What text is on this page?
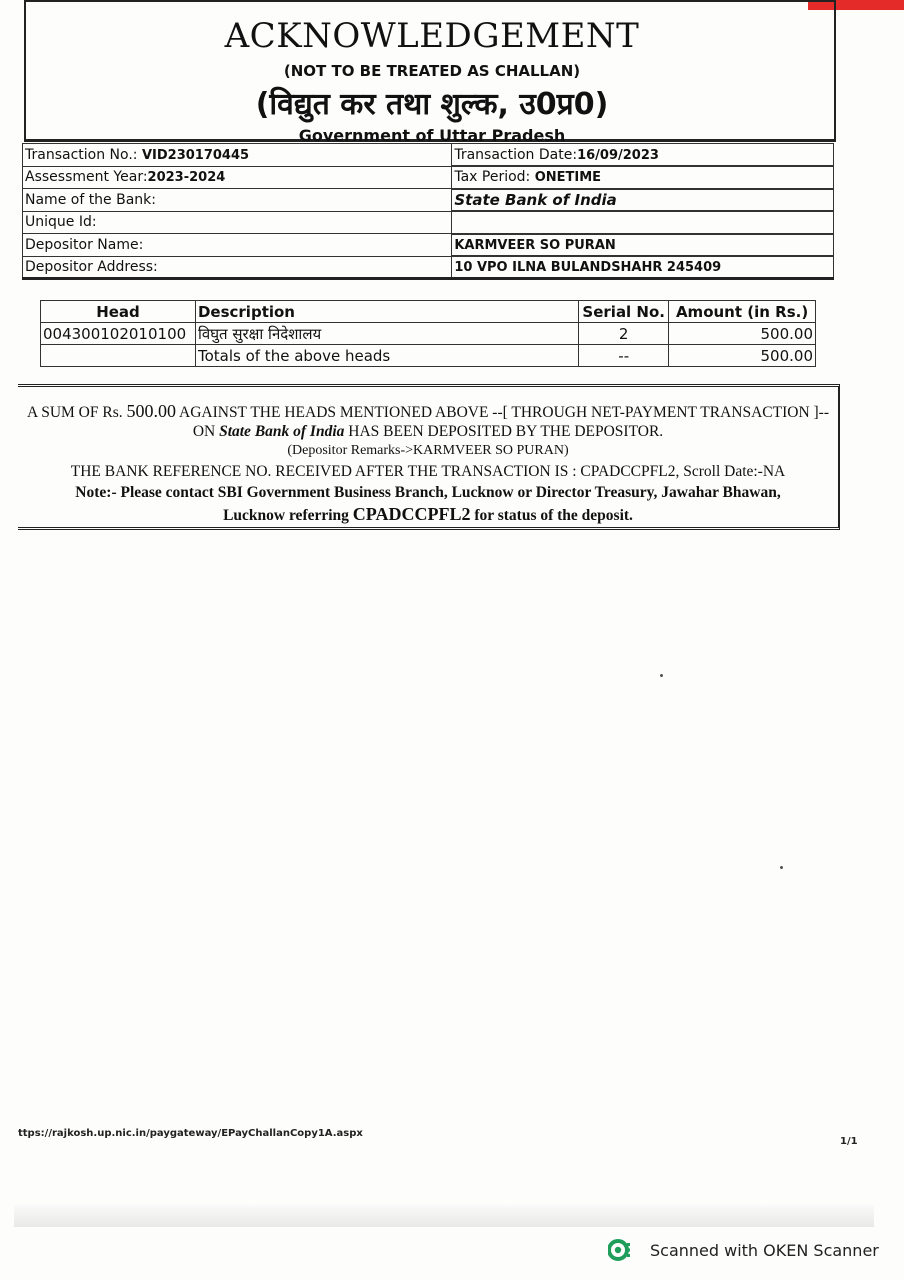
ACKNOWLEDGEMENT
(NOT TO BE TREATED AS CHALLAN)
(विद्युत कर तथा शुल्क, उ0प्र0)
Government of Uttar Pradesh
Transaction No.: VID230170445	Transaction Date:16/09/2023
Assessment Year:2023-2024	Tax Period: ONETIME
Name of the Bank:	State Bank of India
Unique Id:	
Depositor Name:	KARMVEER SO PURAN
Depositor Address:	10 VPO ILNA BULANDSHAHR 245409
Head	Description	Serial No.	Amount (in Rs.)
004300102010100	विघुत सुरक्षा निदेशालय	2	500.00
	Totals of the above heads	--	500.00
A SUM OF Rs. 500.00 AGAINST THE HEADS MENTIONED ABOVE --[ THROUGH NET-PAYMENT TRANSACTION ]--
ON State Bank of India HAS BEEN DEPOSITED BY THE DEPOSITOR.
(Depositor Remarks->KARMVEER SO PURAN)
THE BANK REFERENCE NO. RECEIVED AFTER THE TRANSACTION IS : CPADCCPFL2, Scroll Date:-NA
Note:- Please contact SBI Government Business Branch, Lucknow or Director Treasury, Jawahar Bhawan,
Lucknow referring CPADCCPFL2 for status of the deposit.
ttps://rajkosh.up.nic.in/paygateway/EPayChallanCopy1A.aspx
1/1
Scanned with OKEN Scanner
